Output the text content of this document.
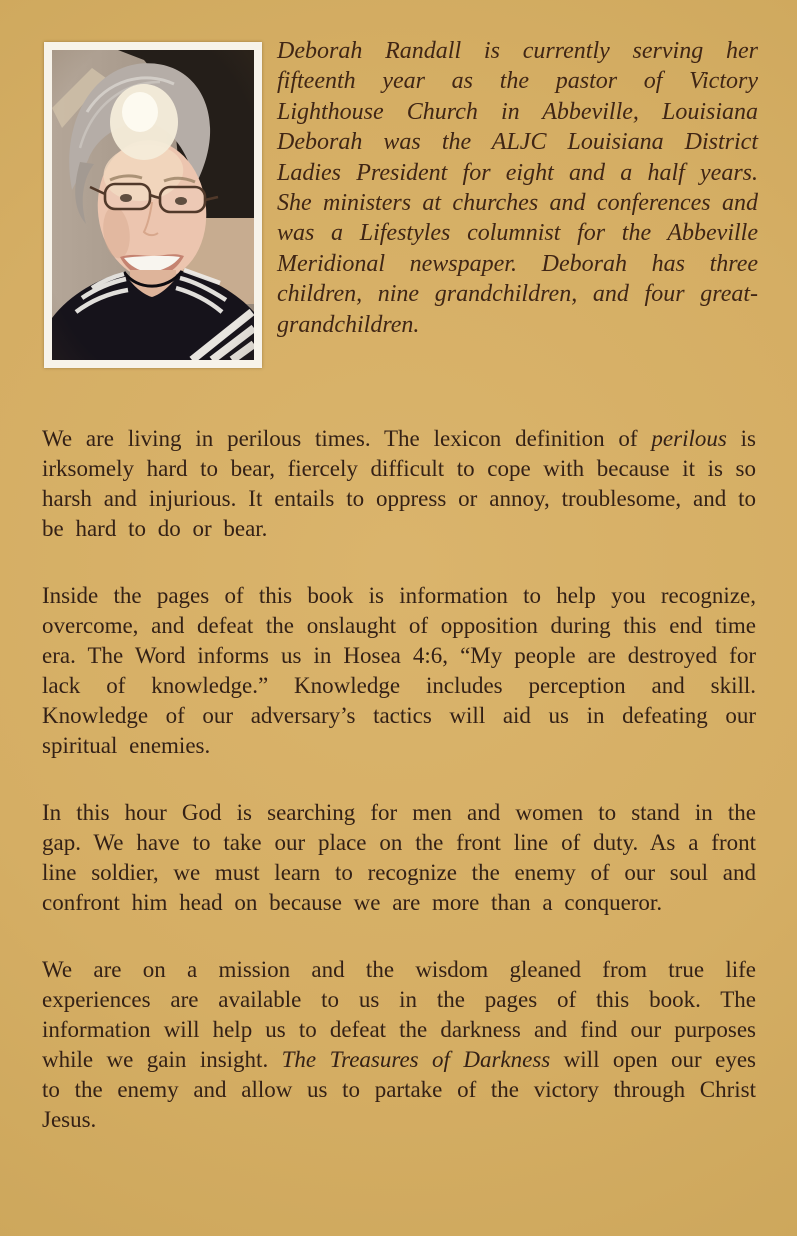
Deborah Randall is currently serving her fifteenth year as the pastor of Victory Lighthouse Church in Abbeville, Louisiana Deborah was the ALJC Louisiana District Ladies President for eight and a half years. She ministers at churches and conferences and was a Lifestyles columnist for the Abbeville Meridional newspaper. Deborah has three children, nine grandchildren, and four great-grandchildren.

We are living in perilous times. The lexicon definition of perilous is irksomely hard to bear, fiercely difficult to cope with because it is so harsh and injurious. It entails to oppress or annoy, troublesome, and to be hard to do or bear.

Inside the pages of this book is information to help you recognize, overcome, and defeat the onslaught of opposition during this end time era. The Word informs us in Hosea 4:6, “My people are destroyed for lack of knowledge.” Knowledge includes perception and skill. Knowledge of our adversary’s tactics will aid us in defeating our spiritual enemies.

In this hour God is searching for men and women to stand in the gap. We have to take our place on the front line of duty. As a front line soldier, we must learn to recognize the enemy of our soul and confront him head on because we are more than a conqueror.

We are on a mission and the wisdom gleaned from true life experiences are available to us in the pages of this book. The information will help us to defeat the darkness and find our purposes while we gain insight. The Treasures of Darkness will open our eyes to the enemy and allow us to partake of the victory through Christ Jesus.
